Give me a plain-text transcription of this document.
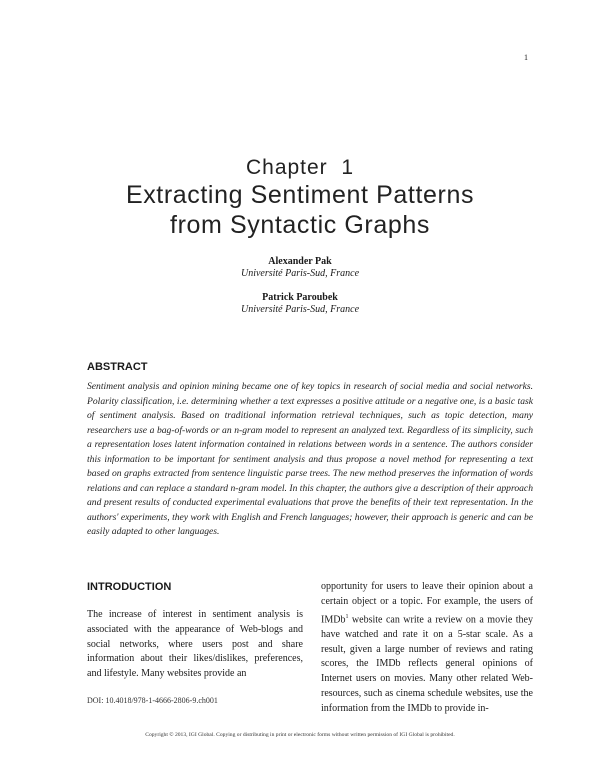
1
Chapter  1
Extracting Sentiment Patterns
from Syntactic Graphs
Alexander Pak
Université Paris-Sud, France
Patrick Paroubek
Université Paris-Sud, France
ABSTRACT
Sentiment analysis and opinion mining became one of key topics in research of social media and social networks. Polarity classification, i.e. determining whether a text expresses a positive attitude or a negative one, is a basic task of sentiment analysis. Based on traditional information retrieval techniques, such as topic detection, many researchers use a bag-of-words or an n-gram model to represent an analyzed text. Regardless of its simplicity, such a representation loses latent information contained in relations between words in a sentence. The authors consider this information to be important for sentiment analysis and thus propose a novel method for representing a text based on graphs extracted from sentence linguistic parse trees. The new method preserves the information of words relations and can replace a standard n-gram model. In this chapter, the authors give a description of their approach and present results of conducted experimental evaluations that prove the benefits of their text representation. In the authors' experiments, they work with English and French languages; however, their approach is generic and can be easily adapted to other languages.
INTRODUCTION
The increase of interest in sentiment analysis is associated with the appearance of Web-blogs and social networks, where users post and share information about their likes/dislikes, preferences, and lifestyle. Many websites provide an
opportunity for users to leave their opinion about a certain object or a topic. For example, the users of IMDb$^1$ website can write a review on a movie they have watched and rate it on a 5-star scale. As a result, given a large number of reviews and rating scores, the IMDb reflects general opinions of Internet users on movies. Many other related Web-resources, such as cinema schedule websites, use the information from the IMDb to provide in-
DOI: 10.4018/978-1-4666-2806-9.ch001
Copyright © 2013, IGI Global. Copying or distributing in print or electronic forms without written permission of IGI Global is prohibited.
